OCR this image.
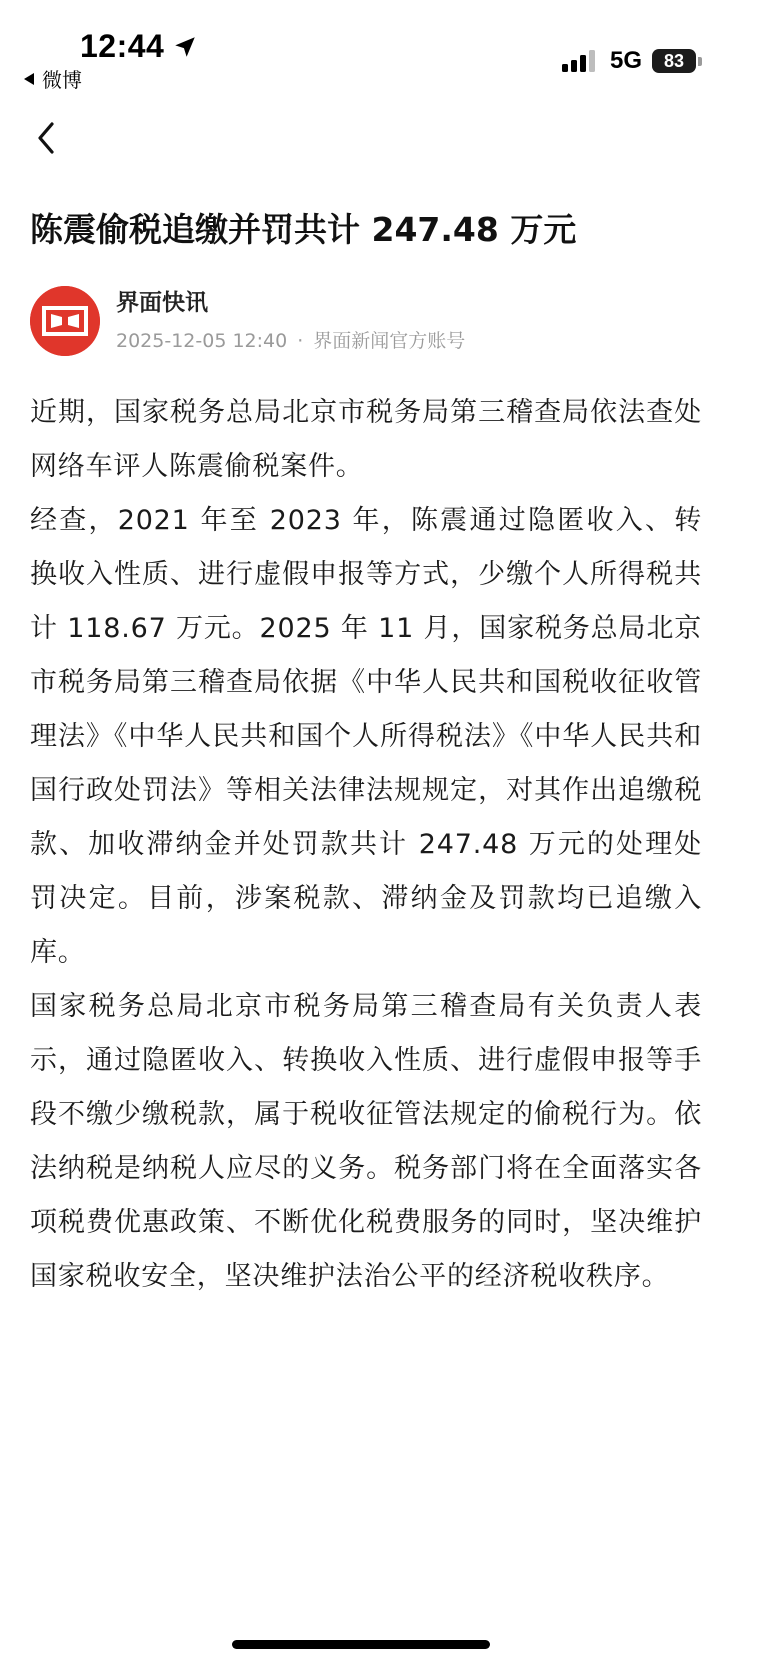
12:44
微博
5G 83
陈震偷税追缴并罚共计 247.48 万元
界面快讯
2025-12-05 12:40 · 界面新闻官方账号

近期，国家税务总局北京市税务局第三稽查局依法查处网络车评人陈震偷税案件。

经查，2021 年至 2023 年，陈震通过隐匿收入、转换收入性质、进行虚假申报等方式，少缴个人所得税共计 118.67 万元。2025 年 11 月，国家税务总局北京市税务局第三稽查局依据《中华人民共和国税收征收管理法》《中华人民共和国个人所得税法》《中华人民共和国行政处罚法》等相关法律法规规定，对其作出追缴税款、加收滞纳金并处罚款共计 247.48 万元的处理处罚决定。目前，涉案税款、滞纳金及罚款均已追缴入库。

国家税务总局北京市税务局第三稽查局有关负责人表示，通过隐匿收入、转换收入性质、进行虚假申报等手段不缴少缴税款，属于税收征管法规定的偷税行为。依法纳税是纳税人应尽的义务。税务部门将在全面落实各项税费优惠政策、不断优化税费服务的同时，坚决维护国家税收安全，坚决维护法治公平的经济税收秩序。
